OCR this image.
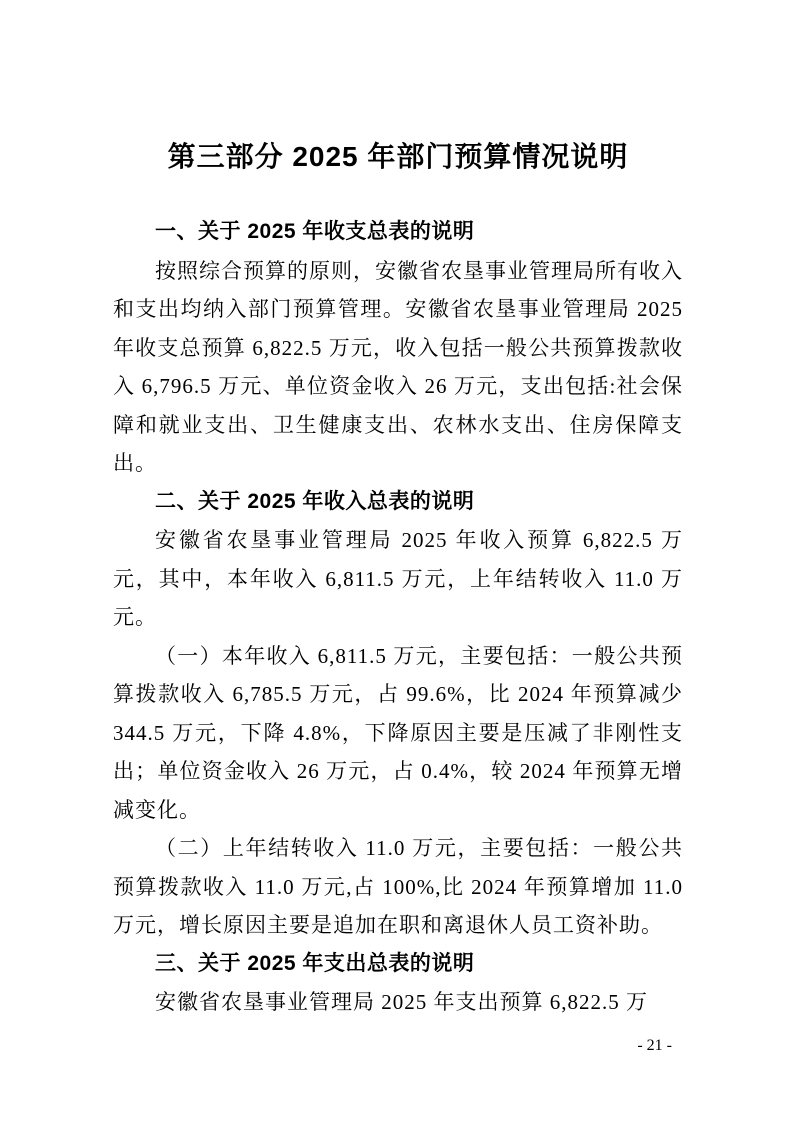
第三部分 2025 年部门预算情况说明

一、关于 2025 年收支总表的说明

按照综合预算的原则，安徽省农垦事业管理局所有收入和支出均纳入部门预算管理。安徽省农垦事业管理局 2025 年收支总预算 6,822.5 万元，收入包括一般公共预算拨款收入 6,796.5 万元、单位资金收入 26 万元，支出包括:社会保障和就业支出、卫生健康支出、农林水支出、住房保障支出。

二、关于 2025 年收入总表的说明

安徽省农垦事业管理局 2025 年收入预算 6,822.5 万元，其中，本年收入 6,811.5 万元，上年结转收入 11.0 万元。

（一）本年收入 6,811.5 万元，主要包括：一般公共预算拨款收入 6,785.5 万元，占 99.6%，比 2024 年预算减少 344.5 万元，下降 4.8%，下降原因主要是压减了非刚性支出；单位资金收入 26 万元，占 0.4%，较 2024 年预算无增减变化。

（二）上年结转收入 11.0 万元，主要包括：一般公共预算拨款收入 11.0 万元,占 100%,比 2024 年预算增加 11.0 万元，增长原因主要是追加在职和离退休人员工资补助。

三、关于 2025 年支出总表的说明

安徽省农垦事业管理局 2025 年支出预算 6,822.5 万

- 21 -
